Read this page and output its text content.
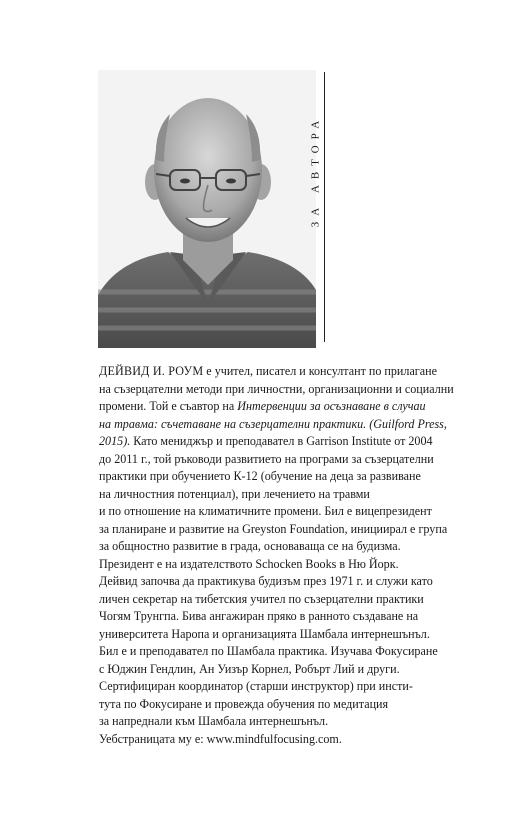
ЗА АВТОРА
ДЕЙВИД И. РОУМ е учител, писател и консултант по прилагане
на съзерцателни методи при личностни, организационни и социални
промени. Той е съавтор на Интервенции за осъзнаване в случаи
на травма: съчетаване на съзерцателни практики. (Guilford Press,
2015). Като мениджър и преподавател в Garrison Institute от 2004
до 2011 г., той ръководи развитието на програми за съзерцателни
практики при обучението К-12 (обучение на деца за развиване
на личностния потенциал), при лечението на травми
и по отношение на климатичните промени. Бил е вицепрезидент
за планиране и развитие на Greyston Foundation, инициирал е група
за общностно развитие в града, основаваща се на будизма.
Президент е на издателството Schocken Books в Ню Йорк.
Дейвид започва да практикува будизъм през 1971 г. и служи като
личен секретар на тибетския учител по съзерцателни практики
Чогям Трунгпа. Бива ангажиран пряко в ранното създаване на
университета Наропа и организацията Шамбала интернешънъл.
Бил е и преподавател по Шамбала практика. Изучава Фокусиране
с Юджин Гендлин, Ан Уизър Корнел, Робърт Лий и други.
Сертифициран координатор (старши инструктор) при инсти-
тута по Фокусиране и провежда обучения по медитация
за напреднали към Шамбала интернешънъл.
Уебстраницата му е: www.mindfulfocusing.com.
